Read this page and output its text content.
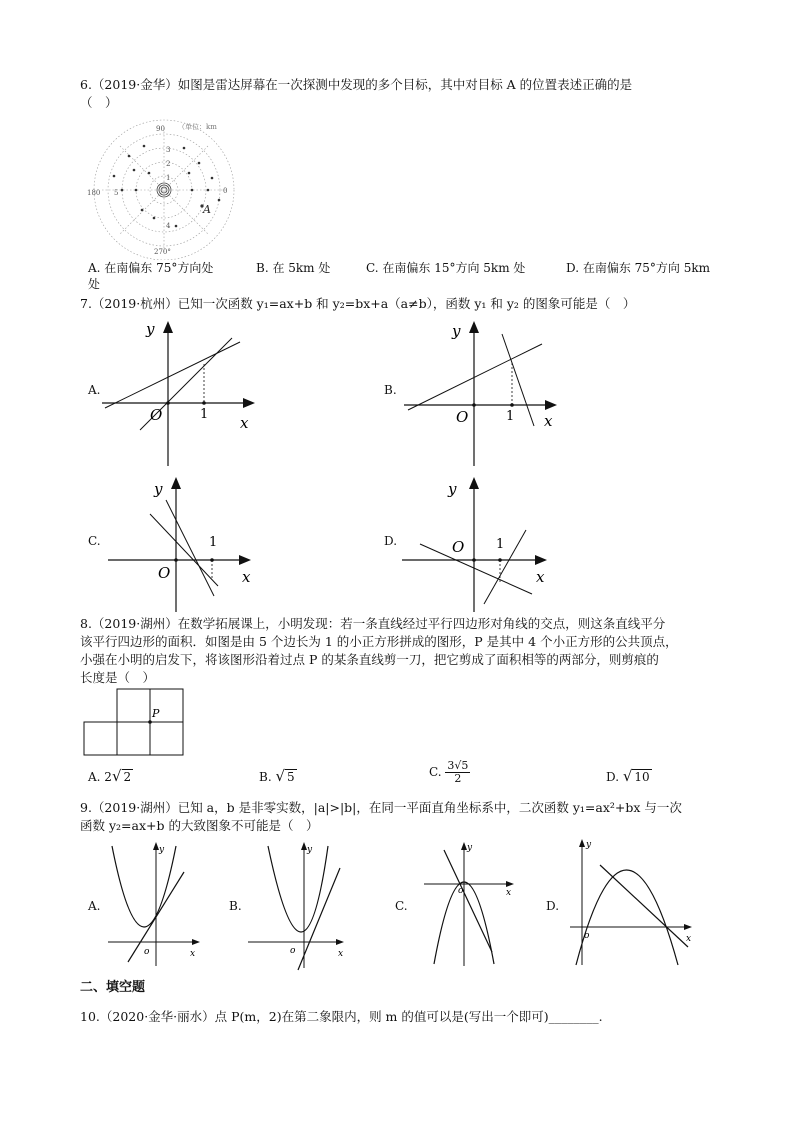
6.（2019·金华）如图是雷达屏幕在一次探测中发现的多个目标，其中对目标 A 的位置表述正确的是
（　）
90 （单位：km
180	0
270°
1
2
3
4
5
A
A. 在南偏东 75°方向处	B. 在 5km 处	C. 在南偏东 15°方向 5km 处	D. 在南偏东 75°方向 5km
处
7.（2019·杭州）已知一次函数 y₁=ax+b 和 y₂=bx+a（a≠b），函数 y₁ 和 y₂ 的图象可能是（　）
A.
O	1 x
y
B.
O	1 x
y
C.
O
1
x
y
D.	O 1
x
y
8.（2019·湖州）在数学拓展课上，小明发现：若一条直线经过平行四边形对角线的交点，则这条直线平分
该平行四边形的面积．如图是由 5 个边长为 1 的小正方形拼成的图形，P 是其中 4 个小正方形的公共顶点，
小强在小明的启发下，将该图形沿着过点 P 的某条直线剪一刀，把它剪成了面积相等的两部分，则剪痕的
长度是（　）
P
A. 2√ 2	B. √ 5	C. $\frac{3√5}{2}$	D. √ 10
9.（2019·湖州）已知 a，b 是非零实数，|a|>|b|，在同一平面直角坐标系中，二次函数 y₁=ax²+bx 与一次
函数 y₂=ax+b 的大致图象不可能是（　）
A.
o	x
y
B.
o	x
y
C.
o	x
y
D.
o	x
y
二、填空题
10.（2020·金华·丽水）点 P(m，2)在第二象限内，则 m 的值可以是(写出一个即可)________.
